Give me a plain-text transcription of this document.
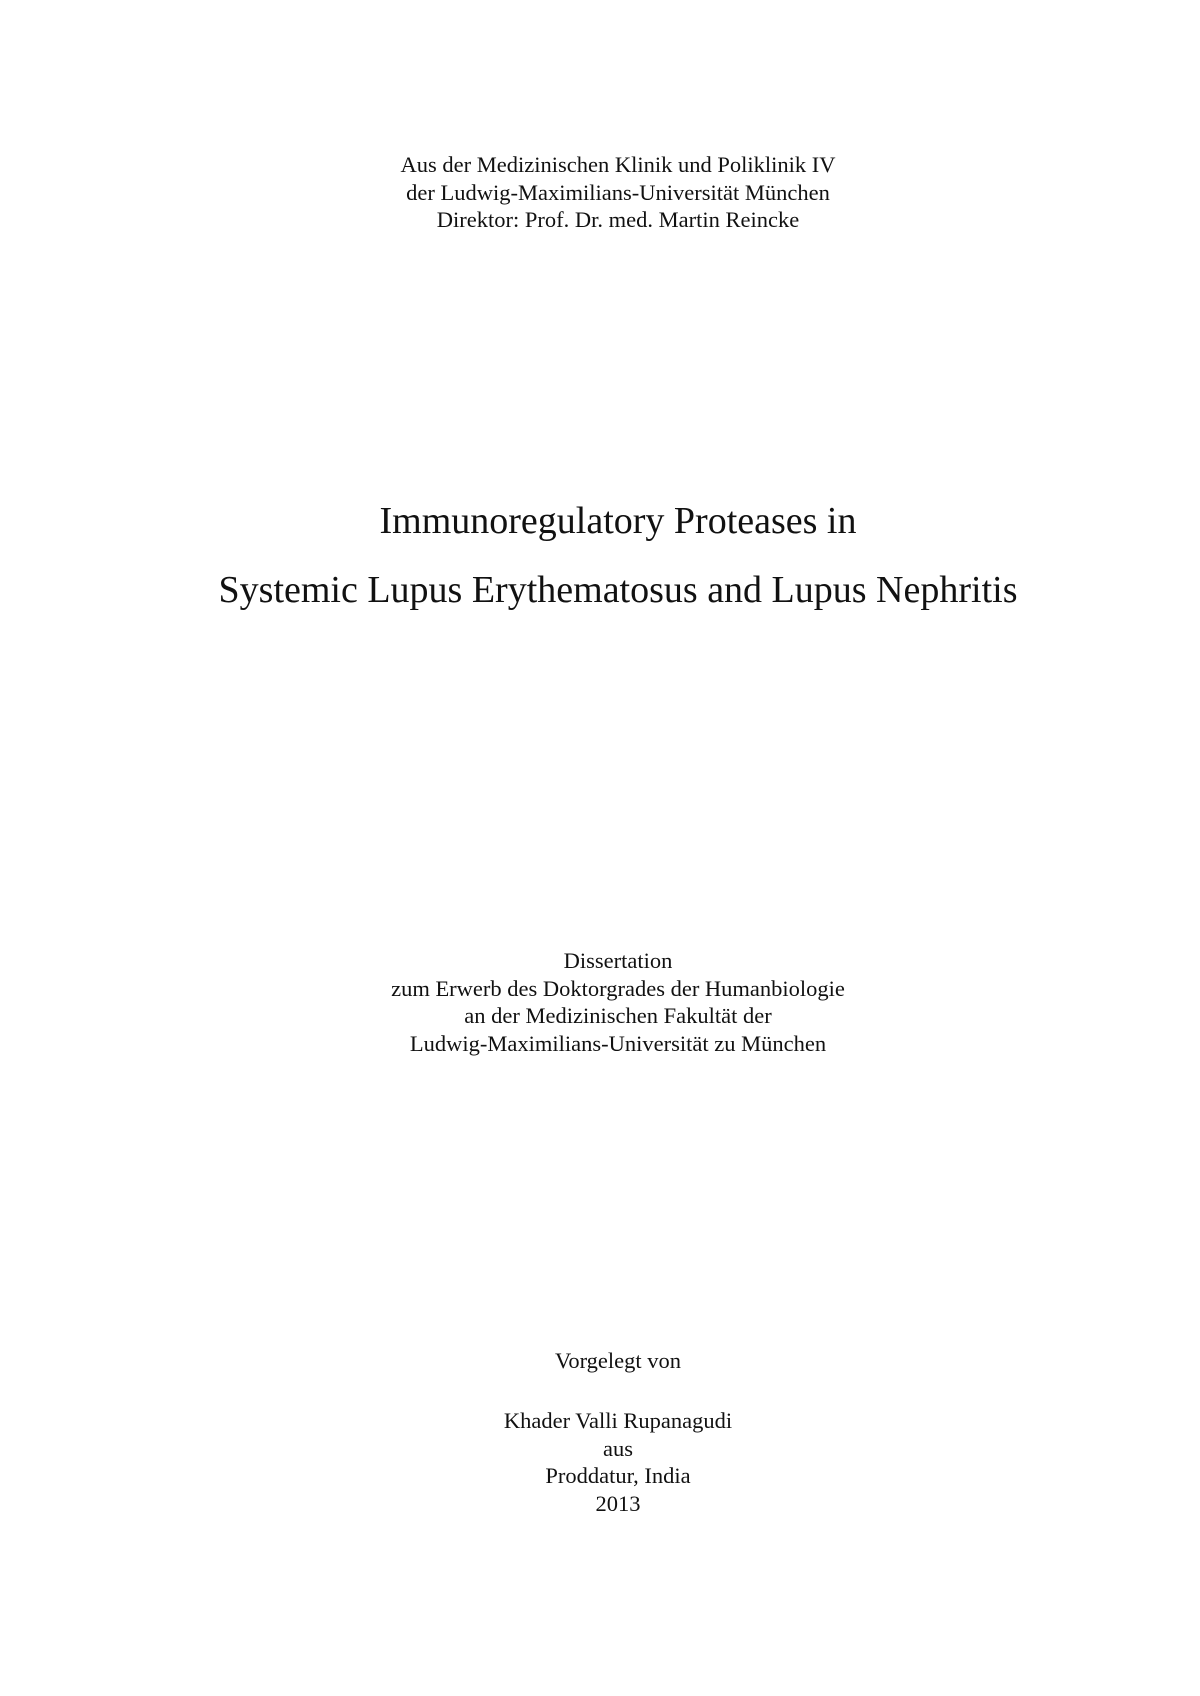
Aus der Medizinischen Klinik und Poliklinik IV
der Ludwig-Maximilians-Universität München
Direktor: Prof. Dr. med. Martin Reincke
Immunoregulatory Proteases in
Systemic Lupus Erythematosus and Lupus Nephritis
Dissertation
zum Erwerb des Doktorgrades der Humanbiologie
an der Medizinischen Fakultät der
Ludwig-Maximilians-Universität zu München
Vorgelegt von
Khader Valli Rupanagudi
aus
Proddatur, India
2013
